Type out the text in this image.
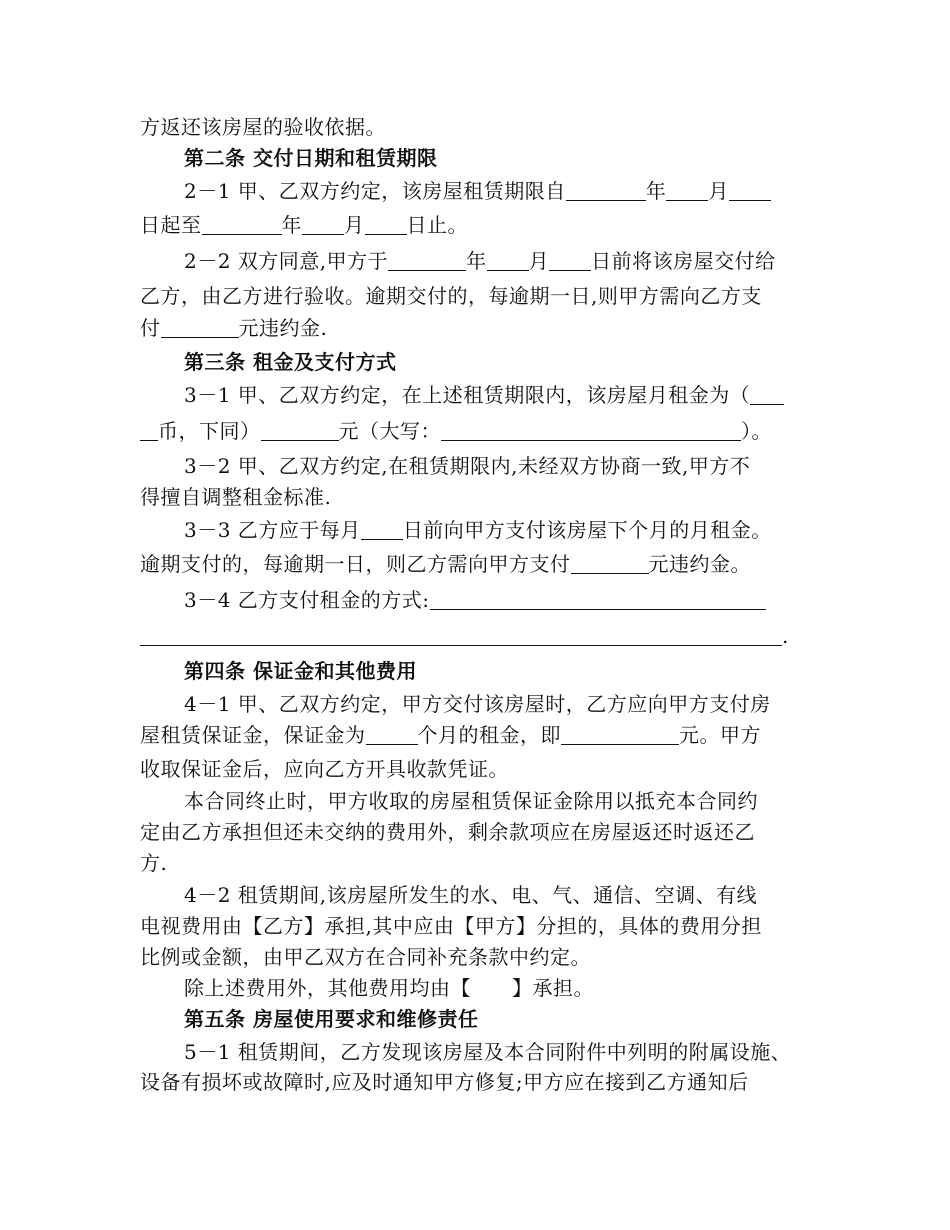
方返还该房屋的验收依据。
第二条 交付日期和租赁期限
2－1 甲、乙双方约定，该房屋租赁期限自	年 月
日起至	年 月 日止。
2－2 双方同意,甲方于	年 月 日前将该房屋交付给
乙方，由乙方进行验收。逾期交付的，每逾期一日,则甲方需向乙方支
付	元违约金.
第三条 租金及支付方式
3－1 甲、乙双方约定，在上述租赁期限内，该房屋月租金为（
币，下同）	元（大写：	）。
3－2 甲、乙双方约定,在租赁期限内,未经双方协商一致,甲方不
得擅自调整租金标准.
3－3 乙方应于每月 日前向甲方支付该房屋下个月的月租金。
逾期支付的，每逾期一日，则乙方需向甲方支付	元违约金。
3－4 乙方支付租金的方式:
.
第四条 保证金和其他费用
4－1 甲、乙双方约定，甲方交付该房屋时，乙方应向甲方支付房
屋租赁保证金，保证金为	个月的租金，即	元。甲方
收取保证金后，应向乙方开具收款凭证。
本合同终止时，甲方收取的房屋租赁保证金除用以抵充本合同约
定由乙方承担但还未交纳的费用外，剩余款项应在房屋返还时返还乙
方.
4－2 租赁期间,该房屋所发生的水、电、气、通信、空调、有线
电视费用由【乙方】承担,其中应由【甲方】分担的，具体的费用分担
比例或金额，由甲乙双方在合同补充条款中约定。
除上述费用外，其他费用均由【　　】承担。
第五条 房屋使用要求和维修责任
5－1 租赁期间，乙方发现该房屋及本合同附件中列明的附属设施、
设备有损坏或故障时,应及时通知甲方修复;甲方应在接到乙方通知后
